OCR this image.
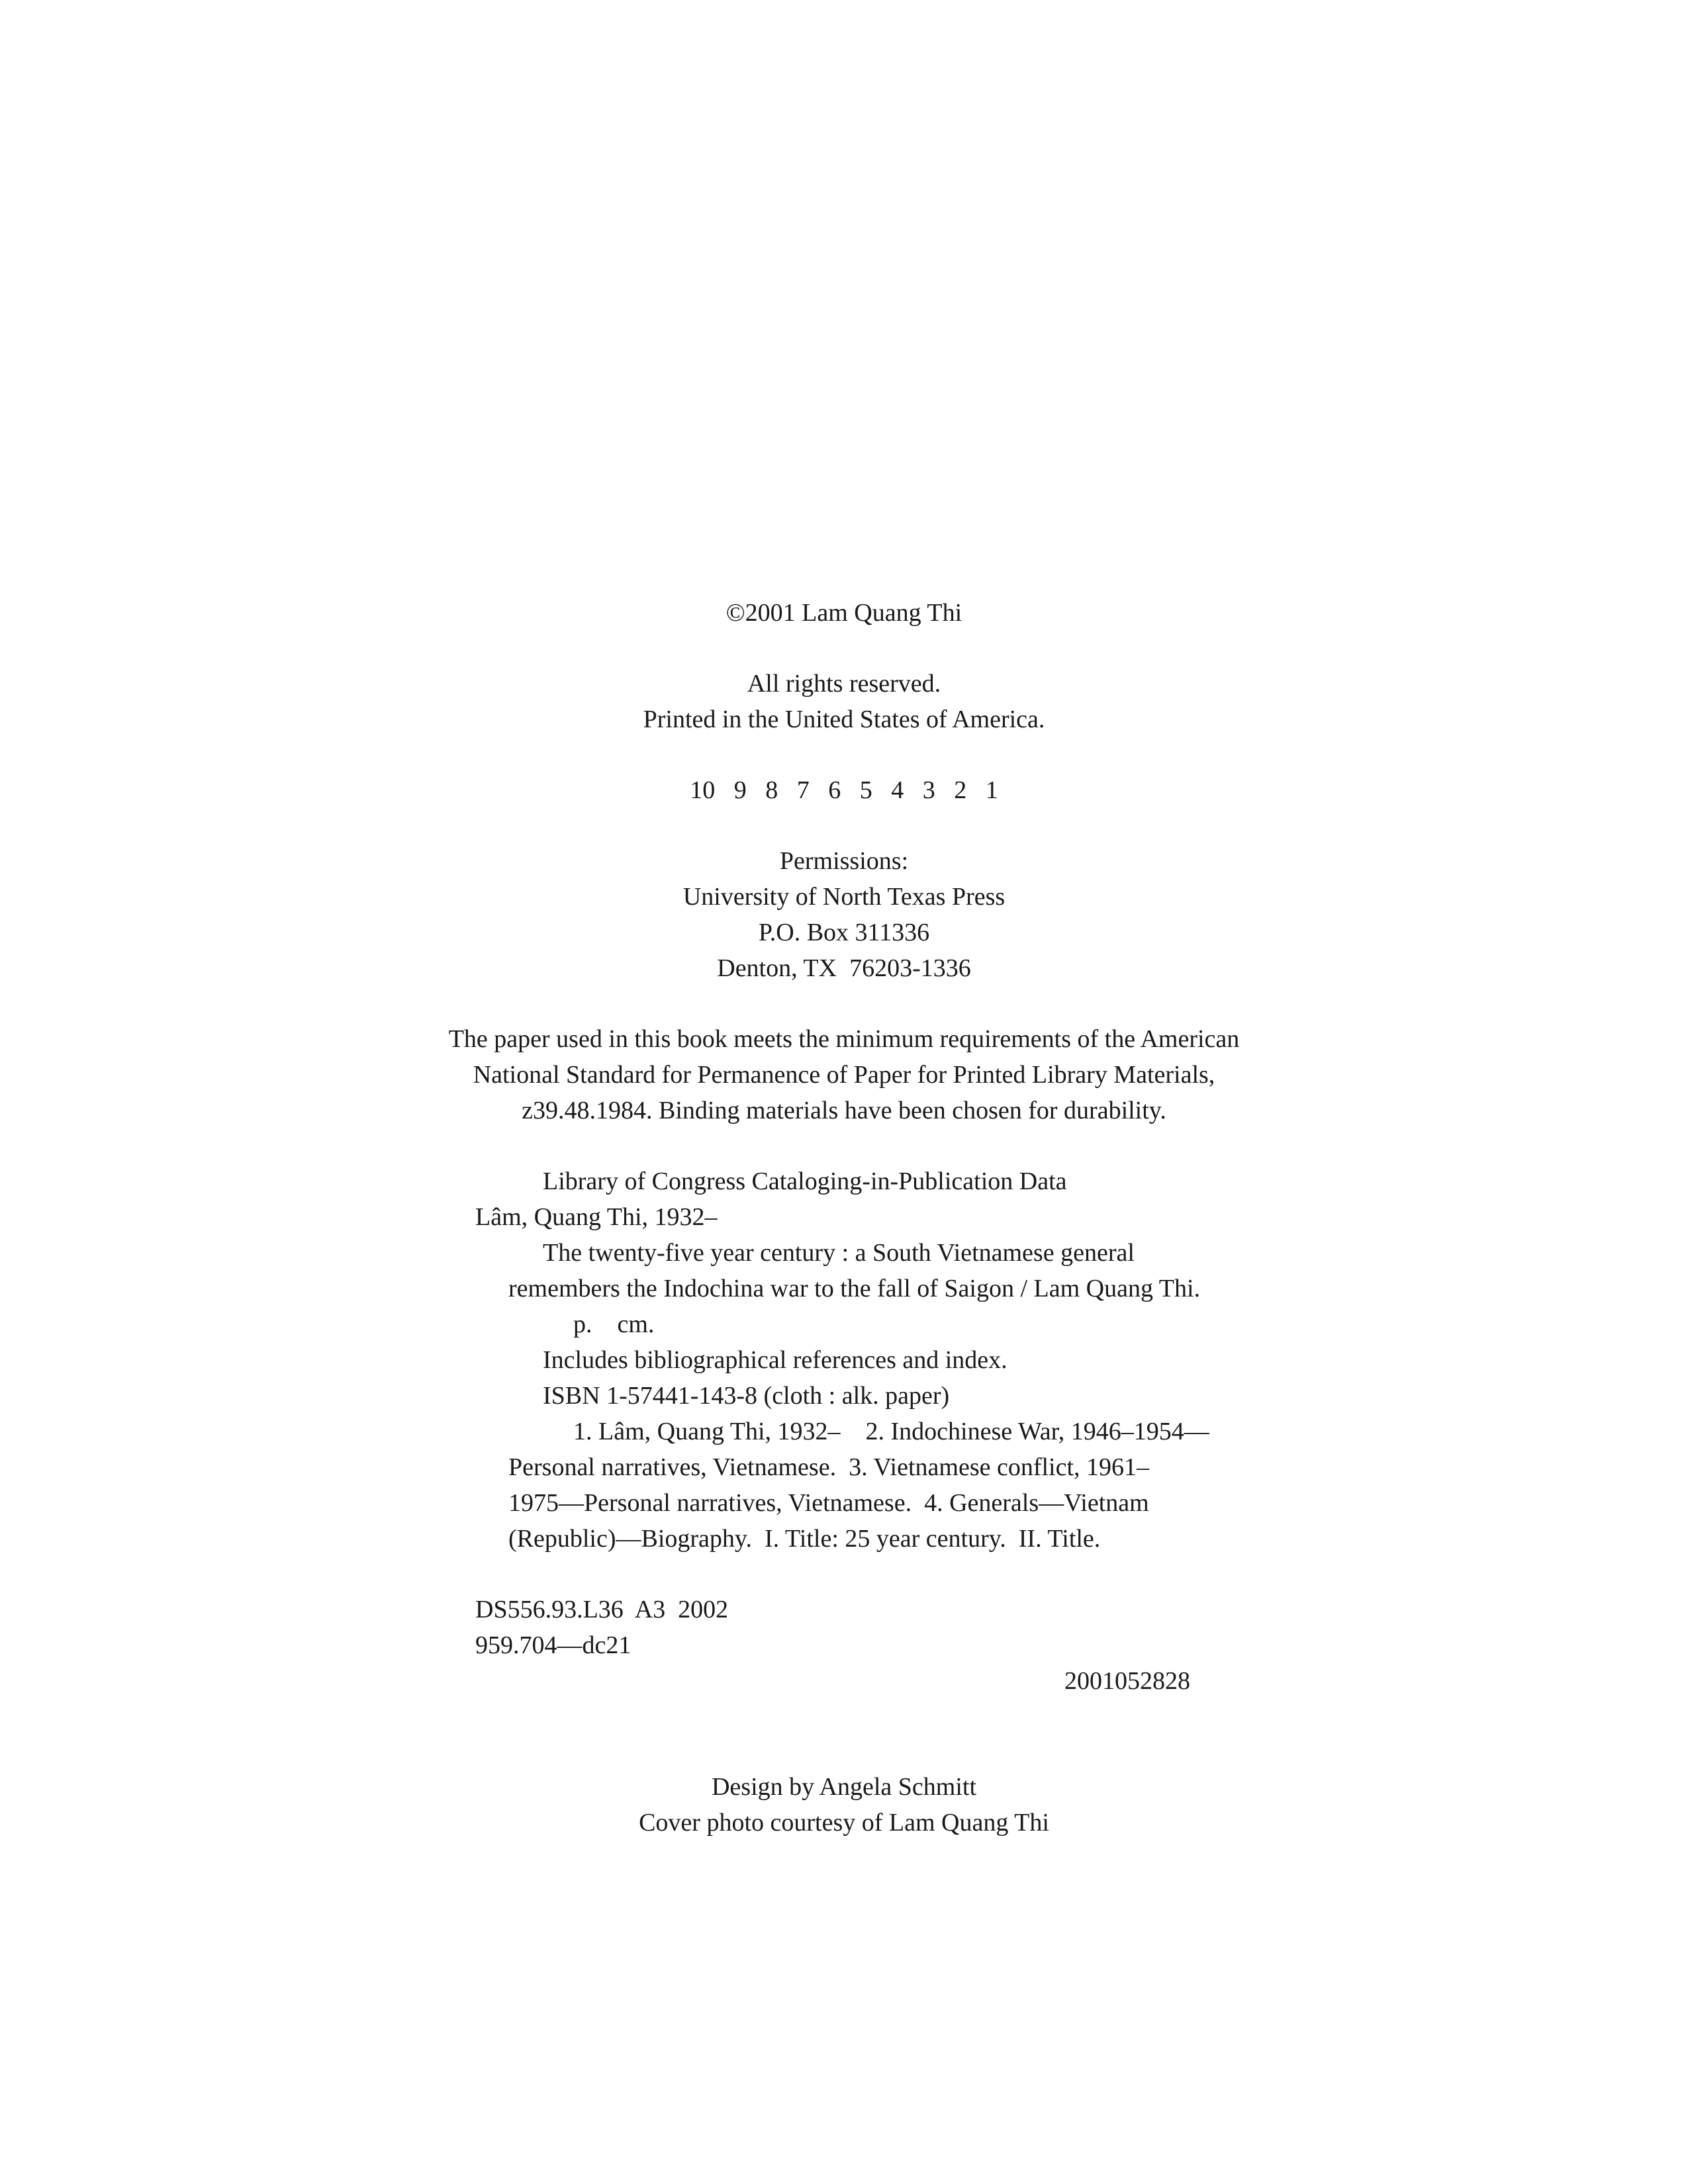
©2001 Lam Quang Thi
All rights reserved.
Printed in the United States of America.
10   9   8   7   6   5   4   3   2   1
Permissions:
University of North Texas Press
P.O. Box 311336
Denton, TX  76203-1336
The paper used in this book meets the minimum requirements of the American
National Standard for Permanence of Paper for Printed Library Materials,
z39.48.1984. Binding materials have been chosen for durability.
Library of Congress Cataloging-in-Publication Data
Lâm, Quang Thi, 1932–
The twenty-five year century : a South Vietnamese general
remembers the Indochina war to the fall of Saigon / Lam Quang Thi.
p.    cm.
Includes bibliographical references and index.
ISBN 1-57441-143-8 (cloth : alk. paper)
1. Lâm, Quang Thi, 1932–    2. Indochinese War, 1946–1954—
Personal narratives, Vietnamese.  3. Vietnamese conflict, 1961–
1975—Personal narratives, Vietnamese.  4. Generals—Vietnam
(Republic)—Biography.  I. Title: 25 year century.  II. Title.
DS556.93.L36  A3  2002
959.704—dc21
2001052828
Design by Angela Schmitt
Cover photo courtesy of Lam Quang Thi
